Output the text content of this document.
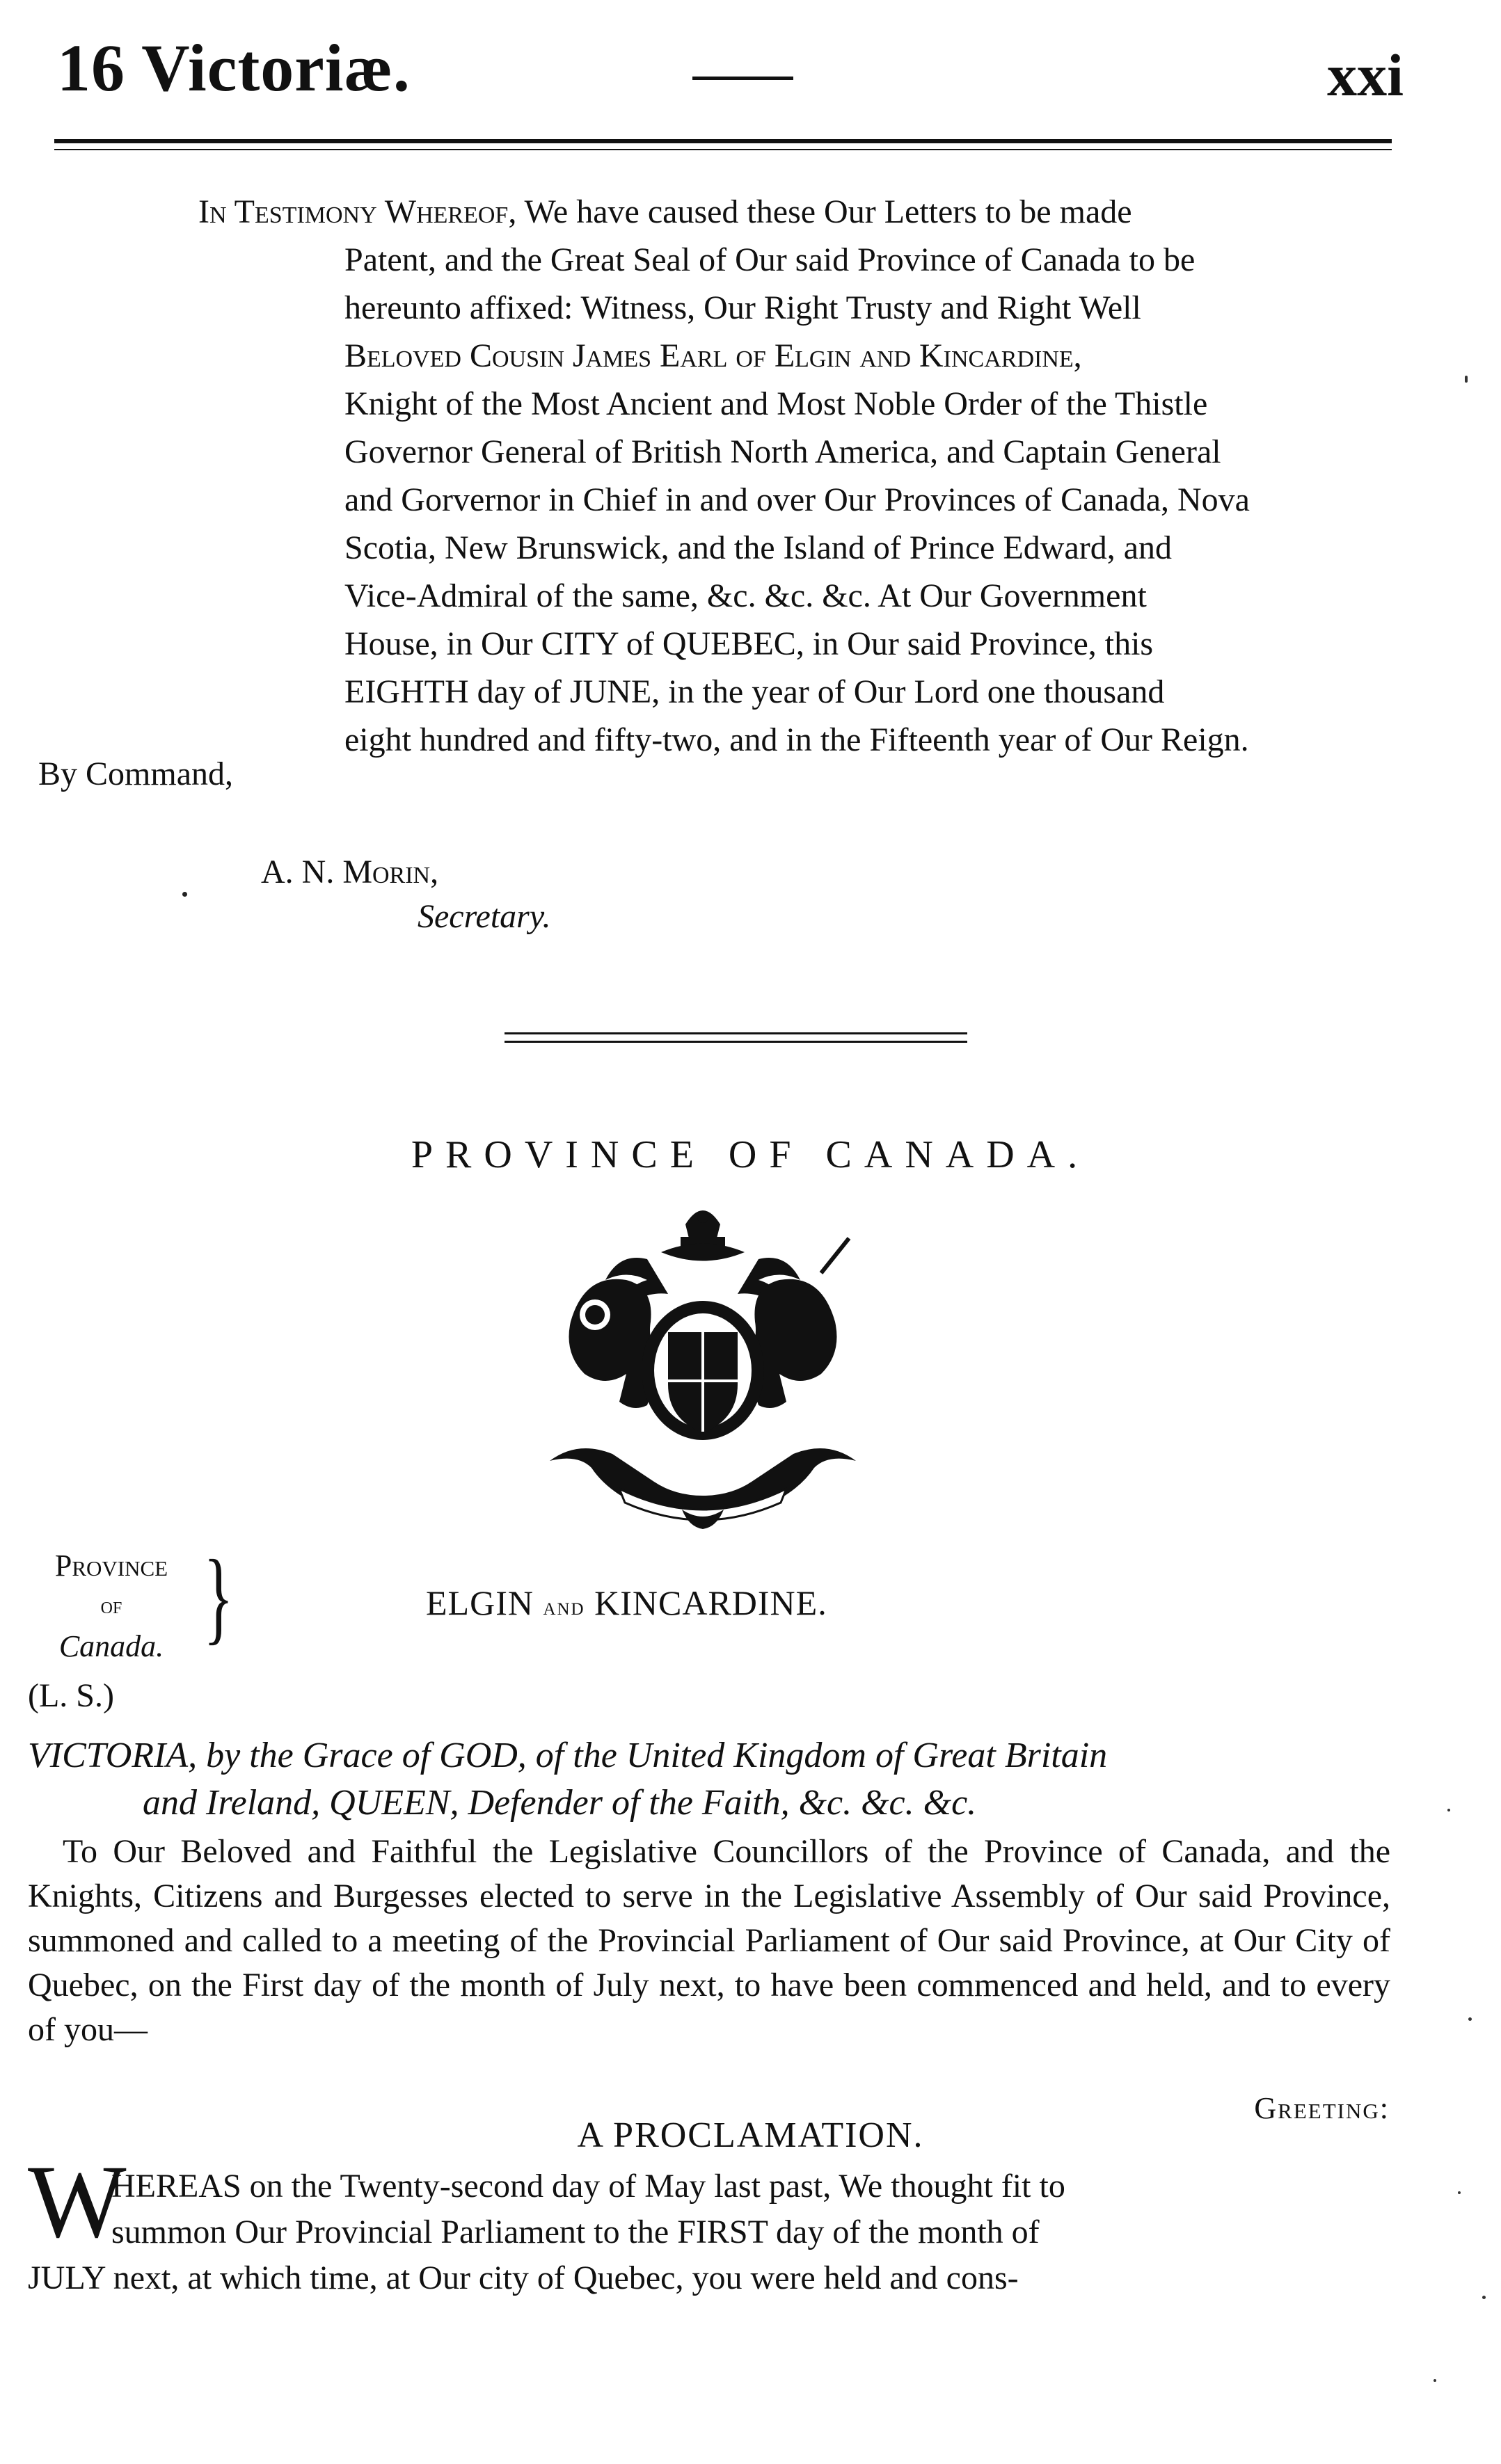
16 Victoriæ.	xxi

In Testimony Whereof, We have caused these Our Letters to be made

Patent, and the Great Seal of Our said Province of Canada to be

hereunto affixed: Witness, Our Right Trusty and Right Well

Beloved Cousin James Earl of Elgin and Kincardine,

Knight of the Most Ancient and Most Noble Order of the Thistle

Governor General of British North America, and Captain General

and Gorvernor in Chief in and over Our Provinces of Canada, Nova

Scotia, New Brunswick, and the Island of Prince Edward, and

Vice-Admiral of the same, &c. &c. &c. At Our Government

House, in Our CITY of QUEBEC, in Our said Province, this

EIGHTH day of JUNE, in the year of Our Lord one thousand

eight hundred and fifty-two, and in the Fifteenth year of Our Reign.

By Command,
A. N. Morin,
Secretary.
PROVINCE OF CANADA.
Province
of
Canada. }
(L. S.)
ELGIN and KINCARDINE.
VICTORIA, by the Grace of GOD, of the United Kingdom of Great Britain
and Ireland, QUEEN, Defender of the Faith, &c. &c. &c.
To Our Beloved and Faithful the Legislative Councillors of the Province of Canada, and the Knights, Citizens and Burgesses elected to serve in the Legislative Assembly of Our said Province, summoned and called to a meeting of the Provincial Parliament of Our said Province, at Our City of Quebec, on the First day of the month of July next, to have been commenced and held, and to every of you—
Greeting:
A PROCLAMATION.
W
HEREAS on the Twenty-second day of May last past, We thought fit to
summon Our Provincial Parliament to the FIRST day of the month of
JULY next, at which time, at Our city of Quebec, you were held and cons-
